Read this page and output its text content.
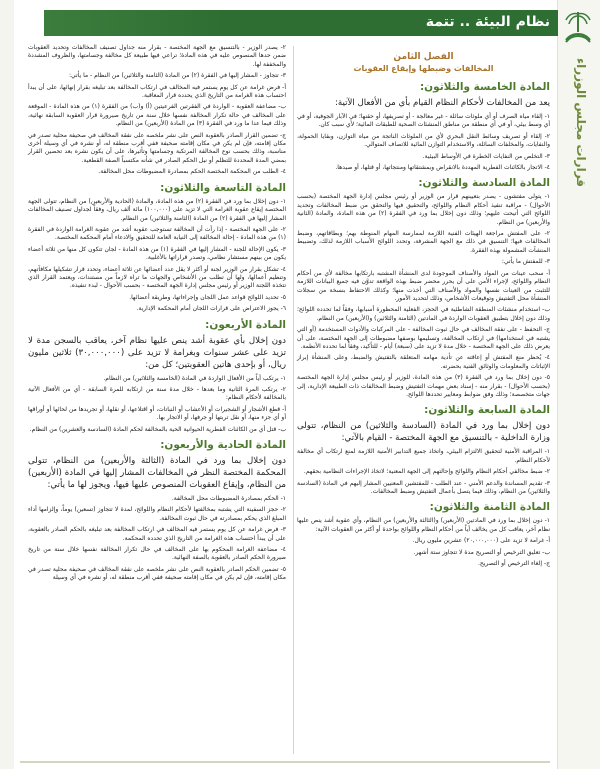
قرارات مجلس الوزراء
نظام البيئة .. تتمة
الفصل الثامن
المخالفات وضبطها وإيقاع العقوبات
المادة الخامسة والثلاثون:

يعد من المخالفات لأحكام النظام القيام بأي من الأفعال الآتية:

١- إلقاء مياه الصرف أو أي ملوثات سائلة - غير معالجة - أو تصريفها، أو حقنها؛ في الآبار الجوفية، أو في أي وسط بيئي، أو في أي منطقة من مناطق المنشئات الصحية للطبقات المائية؛ لأي سبب كان.

٢- إلقاء أو تصريف وسائط النقل البحري لأي من الملوثات الناتجة من مياه التوازن، وبقايا الحمولة، والنفايات، والمخلفات السائلة، والاستخدام التوازن المائية للاتصاف المتوالي.

٣- التخلص من النفايات الخطرة في الأوساط البيئية.

٤- الاتجار بالكائنات الفطرية المهددة بالانقراض وبمشتقاتها ومنتجاتها، أو قتلها، أو صيدها.

المادة السادسة والثلاثون:

١- يتولى مفتشون - يصدر بتعيينهم قرار من الوزير أو رئيس مجلس إدارة الجهة المختصة (بحسب الأحوال) - مراقبة تنفيذ أحكام النظام واللوائح، والتحقيق فيها والتحقق من ضبط المخالفات وتحديد اللوائح التي أتيحت عليهم؛ وذلك دون إخلال بما ورد في الفقرة (٢) من هذه المادة، والمادة (الثانية والأربعين) من النظام.

٢- على المفتش مراجعة الهيئات الفنية اللازمة لممارسة المهام المنوطة بهم؛ وبطاقاتهم، وضبط المخالفات فيها؛ التنسيق في ذلك مع الجهة المشرفة، وتحدد اللوائح الأسباب اللازمة لذلك، وتضبيط المنشآت المشمولة بهذه الفقرة.

٣- للمفتش ما يأتي:

أ- سحب عينات من المواد والأصناف الموجودة لدى المنشأة المشتبه بارتكابها مخالفة لأي من أحكام النظام واللوائح، لإجراء الأمن على أن يحرر محضر ضبط بهذه الواقعة تدوَّن فيه جميع البيانات اللازمة للتثبت من العينات نفسها والمواد والأصناف التي أخذت منها؛ وكذلك الاحتفاظ بنسخة من سجلات المنشأة محل التفتيش وتوقيعات الأشخاص، وذلك لتحديد الأمور.

ب- استخدام منشئات المنطقة الشاطئية في الحجز، الفعلية المحظورة أسبابها، وفقاً لما تحدده اللوائح؛ وذلك دون إخلال بتطبيق العقوبات الواردة في المادتين (الثامنة والثلاثين) و(الأربعين) من النظام.

ج- التحفظ - على نفقة المخالف في حال ثبوت المخالفة - على المركبات والأدوات المستخدمة (أو التي يشتبه في استخدامها) في ارتكاب المخالفة، وتسليمها بوصفها مضبوطات إلى الجهة المختصة، على أن يعرض ذلك على الجهة المختصة - خلال مدة لا تزيد على (سبعة) أيام - للتأكيد، وفقاً لما تحدده الأنظمة.

٤- يُحظر منع المفتش أو إعاقته عن تأدية مهامه المتعلقة بالتفتيش والضبط، وعلى المنشأة إبراز الإثباتات والمعلومات والوثائق الفنية بحضرته.

٥- دون إخلال بما ورد في الفقرة (٣) من هذه المادة، للوزير أو رئيس مجلس إدارة الجهة المختصة (بحسب الأحوال) - بقرار منه - إسناد بعض مهمات التفتيش وضبط المخالفات ذات الطبيعة الإدارية، إلى جهات متخصصة؛ وذلك وفق ضوابط ومعايير تحددها اللوائح.

المادة السابعة والثلاثون:

دون إخلال بما ورد في المادة (السادسة والثلاثين) من النظام، تتولى وزارة الداخلية - بالتنسيق مع الجهة المختصة - القيام بالآتي:

١- المراقبة الأمنية لتحقيق الالتزام البيئي، واتخاذ جميع التدابير الأمنية اللازمة لمنع ارتكاب أي مخالفة لأحكام النظام.

٢- ضبط مخالفي أحكام النظام واللوائح وإحالتهم إلى الجهة المعنية؛ لاتخاذ الإجراءات النظامية بحقهم.

٣- تقديم المساندة والدعم الأمني - عند الطلب - للمفتشين المعنيين المشار إليهم في المادة (السادسة والثلاثين) من النظام، وذلك فيما يتصل بأعمال التفتيش وضبط المخالفات.

المادة الثامنة والثلاثون:

١- دون إخلال بما ورد في المادتين (الأربعين) و(الثالثة والأربعين) من النظام، وأي عقوبة أشد ينص عليها نظام آخر، يعاقب كل من يخالف أياً من أحكام النظام واللوائح بواحدة أو أكثر من العقوبات الآتية:

أ- غرامة لا تزيد على (٢٠,٠٠٠,٠٠٠) عشرين مليون ريال.

ب- تعليق الترخيص أو التصريح مدة لا تتجاوز ستة أشهر.

ج- إلغاء الترخيص أو التصريح.

٢- يصدر الوزير - بالتنسيق مع الجهة المختصة - بقرار منه جداول تصنيف المخالفات وتحديد العقوبات ضمن حدها المنصوص عليه في هذه المادة؛ تراعي فيها طبيعة كل مخالفة وجسامتها، والظروف المشددة والمخففة لها.

٣- تتجاوز - المشار إليها في الفقرة (٢) من المادة (الثامنة والثلاثين) من النظام - ما يأتي:

أ- فرض غرامة عن كل يوم يستمر فيه المخالف في ارتكاب المخالفة بعد تبليغه بقرار إنهائها، على أن يبدأ احتساب هذه الغرامة من التاريخ الذي يحدده قرار المعاقبة.

ب- مضاعفة العقوبة - الواردة في الفقرتين الفرعيتين (أ) و(ب) من الفقرة (١) من هذه المادة - الموقعة على المخالف في حالة تكرار المخالفة نفسها خلال سنة من تاريخ صيرورة قرار العقوبة السابقة نهائية، وذلك فيما عدا ما ورد في الفقرة (٣) من المادة (الأربعين) من النظام.

ج- تضمين القرار الصادر بالعقوبة النص على نشر ملخصه على نفقة المخالف في صحيفة محلية تصدر في مكان إقامته، فإن لم يكن في مكان إقامته صحيفة ففي أقرب منطقة له، أو نشره في أي وسيلة أخرى مناسبة، وذلك بحسب نوع المخالفة المرتكبة وجسامتها وتأثيرها، على أن يكون نشره بعد تحصين القرار بمضي المدة المحددة للتظلم أو نيل الحكم الصادر في شأنه مكتسباً الصفة القطعية.

٤- الطلب من المحكمة المختصة الحكم بمصادرة المضبوطات محل المخالفة.

المادة التاسعة والثلاثون:

١- دون إخلال بما ورد في الفقرة (٢) من هذه المادة، والمادة (الحادية والأربعين) من النظام، تتولى الجهة المختصة إيقاع عقوبة الغرامة التي لا تزيد على (١٠٠,٠٠٠) مائة ألف ريال، وفقاً لجداول تصنيف المخالفات المشار إليها في الفقرة (٢) من المادة (الثامنة والثلاثين) من النظام.

٢- على الجهة المختصة - إذا رأت أن المخالفة تستوجب عقوبة أشد من عقوبة الغرامة الواردة في الفقرة (١) من هذه المادة - إحالة المخالفة إلى النيابة العامة للتحقيق والادعاء أمام المحكمة المختصة.

٣- يكون الإحالة للجنة - المشار إليها في الفقرة (١) من هذه المادة - لجان تتكون كل منها من ثلاثة أعضاء يكون من بينهم مستشار نظامي، وتصدر قراراتها بالأغلبية.

٤- تشكل بقرار من الوزير لجنة أو أكثر لا يقل عدد أعضائها عن ثلاثة أعضاء، وتحدد قرار تشكيلها مكافآتهم، وتنظيم أعمالها، ولها أن تطلب من الأشخاص والجهات ما تراه لازماً من مستندات، ويعتمد القرار الذي تتخذه اللجنة الوزير أو رئيس مجلس إدارة الجهة المختصة - بحسب الأحوال - لبدء تنفيذه.

٥- تحديد اللوائح قواعد عمل اللجان وإجراءاتها، وطريقة أعضائها.

٦- يجوز الاعتراض على قرارات اللجان أمام المحكمة الإدارية.

المادة الأربعون:

دون إخلال بأي عقوبة أشد ينص عليها نظام آخر، يعاقب بالسجن مدة لا تزيد على عشر سنوات وبغرامة لا تزيد على (٣٠,٠٠٠,٠٠٠) ثلاثين مليون ريال، أو بإحدى هاتين العقوبتين؛ كل من:

١- يرتكب أياً من الأفعال الواردة في المادة (الخامسة والثلاثين) من النظام.

٢- يرتكب المرة الثانية وما بعدها - خلال مدة سنة من ارتكابه للمرة السابقة - أي من الأفعال الآتية بالمخالفة لأحكام النظام:

أ- قطع الأشجار أو الشجيرات أو الأعشاب أو النباتات، أو اقتلاعها، أو نقلها، أو تجريدها من لحائها أو أوراقها أو أي جزء منها، أو نقل تربتها أو جرفها، أو الاتجار بها.

ب- قتل أي من الكائنات الفطرية الحيوانية الحية بالمخالفة لحكم المادة (السادسة والعشرين) من النظام.

المادة الحادية والأربعون:

دون إخلال بما ورد في المادة (الثالثة والأربعين) من النظام، تتولى المحكمة المختصة النظر في المخالفات المشار إليها في المادة (الأربعين) من النظام، وإيقاع العقوبات المنصوص عليها فيها، ويجوز لها ما يأتي:

١- الحكم بمصادرة المضبوطات محل المخالفة.

٢- حجز السفينة التي يشتبه بمخالفتها لأحكام النظام واللوائح، لمدة لا تتجاوز (تسعين) يوماً، وإلزامها أداء المبلغ الذي يحكم بمصادرته في حال ثبوت المخالفة.

٣- فرض غرامة عن كل يوم يستمر فيه المخالف في ارتكاب المخالفة بعد تبليغه بالحكم الصادر بالعقوبة، على أن يبدأ احتساب هذه الغرامة من التاريخ الذي تحدده المحكمة.

٤- مضاعفة الغرامة المحكوم بها على المخالف في حال تكرار المخالفة نفسها خلال سنة من تاريخ صيرورة الحكم الصادر بالعقوبة بالصفة النهائية.

٥- تضمين الحكم الصادر بالعقوبة النص على نشر ملخصه على نفقة المخالف في صحيفة محلية تصدر في مكان إقامته، فإن لم يكن في مكان إقامته صحيفة ففي أقرب منطقة له، أو نشره في أي وسيلة
